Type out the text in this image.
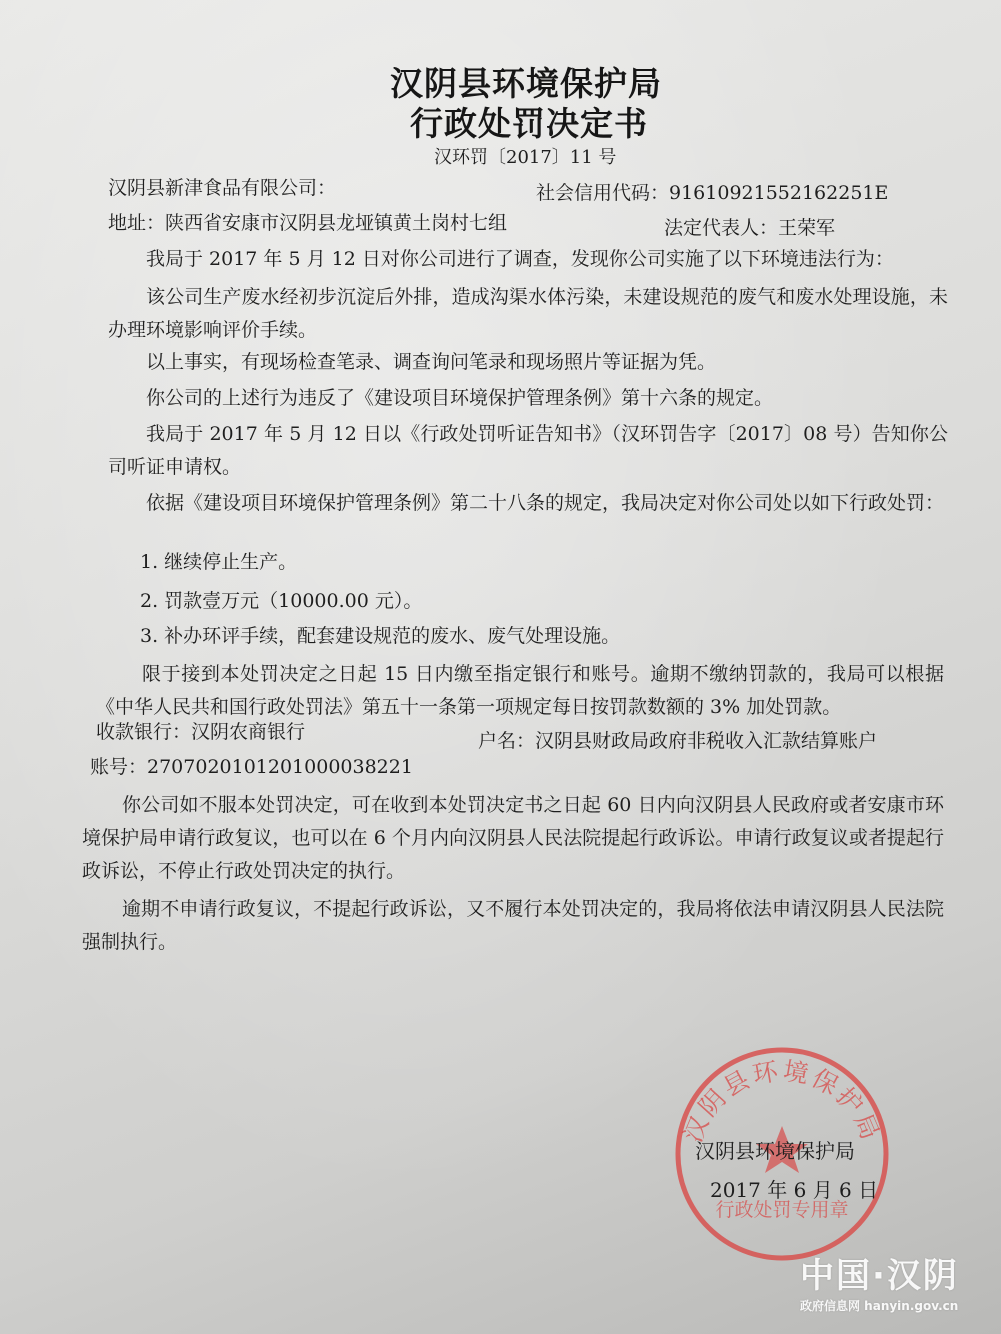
汉阴县环境保护局
行政处罚决定书
汉环罚〔2017〕11 号
汉阴县新津食品有限公司：	社会信用代码：91610921552162251E
地址：陕西省安康市汉阴县龙垭镇黄土岗村七组	法定代表人：王荣军
我局于 2017 年 5 月 12 日对你公司进行了调查，发现你公司实施了以下环境违法行为：
该公司生产废水经初步沉淀后外排，造成沟渠水体污染，未建设规范的废气和废水处理设施，未办理环境影响评价手续。
以上事实，有现场检查笔录、调查询问笔录和现场照片等证据为凭。
你公司的上述行为违反了《建设项目环境保护管理条例》第十六条的规定。
我局于 2017 年 5 月 12 日以《行政处罚听证告知书》（汉环罚告字〔2017〕08 号）告知你公司听证申请权。
依据《建设项目环境保护管理条例》第二十八条的规定，我局决定对你公司处以如下行政处罚：
1. 继续停止生产。
2. 罚款壹万元（10000.00 元）。
3. 补办环评手续，配套建设规范的废水、废气处理设施。
限于接到本处罚决定之日起 15 日内缴至指定银行和账号。逾期不缴纳罚款的，我局可以根据《中华人民共和国行政处罚法》第五十一条第一项规定每日按罚款数额的 3% 加处罚款。
收款银行：汉阴农商银行	户名：汉阴县财政局政府非税收入汇款结算账户
账号：2707020101201000038221
你公司如不服本处罚决定，可在收到本处罚决定书之日起 60 日内向汉阴县人民政府或者安康市环境保护局申请行政复议，也可以在 6 个月内向汉阴县人民法院提起行政诉讼。申请行政复议或者提起行政诉讼，不停止行政处罚决定的执行。
逾期不申请行政复议，不提起行政诉讼，又不履行本处罚决定的，我局将依法申请汉阴县人民法院强制执行。
汉阴县环境保护局
行政处罚专用章
汉阴县环境保护局
2017 年 6 月 6 日
中国·汉阴
政府信息网 hanyin.gov.cn
